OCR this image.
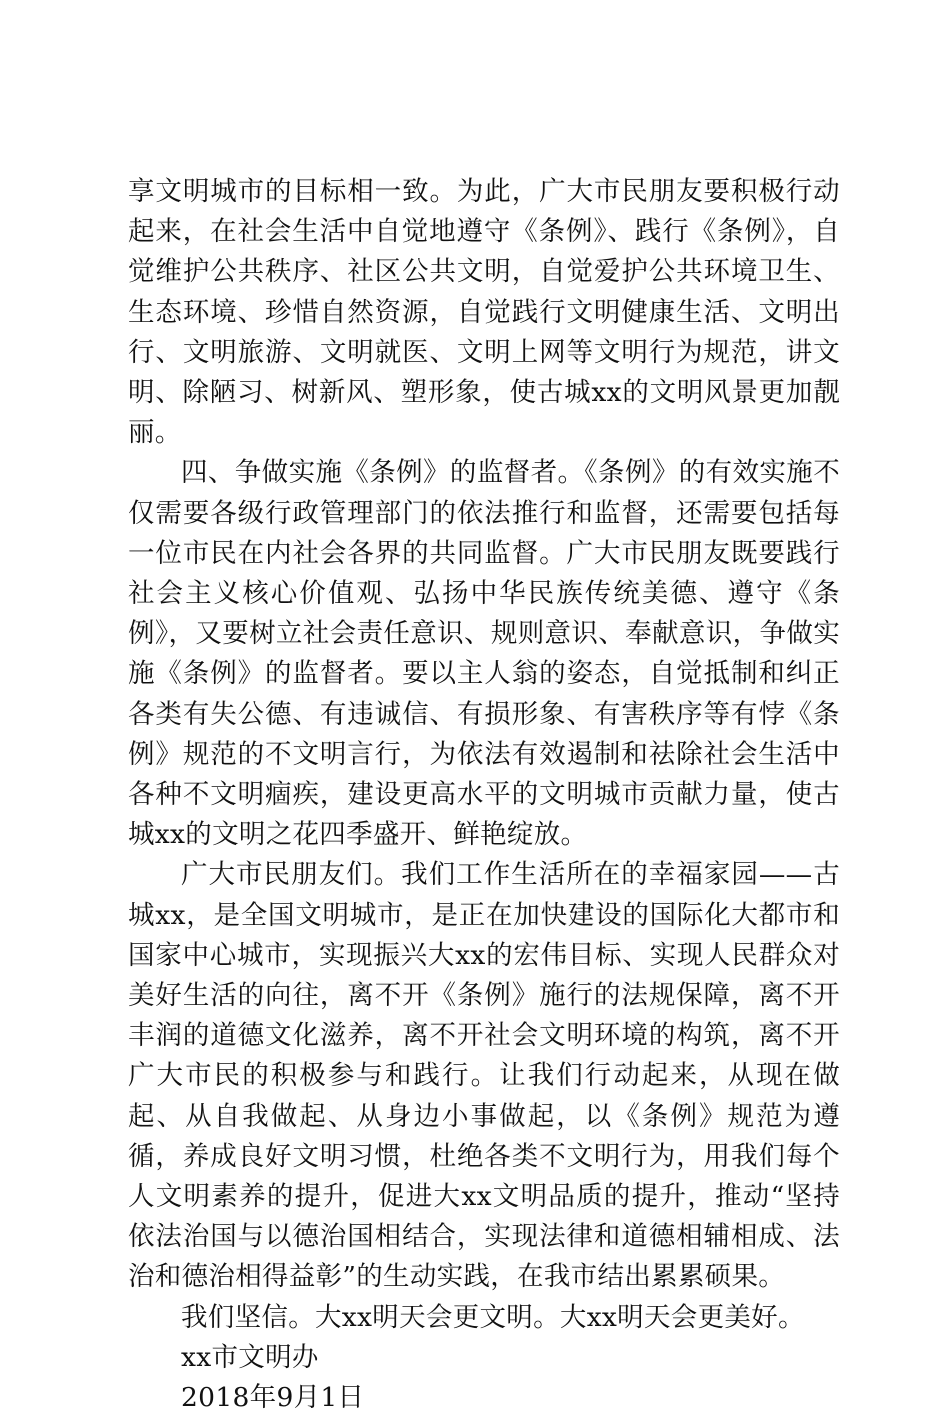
享文明城市的目标相一致。为此，广大市民朋友要积极行动起来，在社会生活中自觉地遵守《条例》、践行《条例》，自觉维护公共秩序、社区公共文明，自觉爱护公共环境卫生、生态环境、珍惜自然资源，自觉践行文明健康生活、文明出行、文明旅游、文明就医、文明上网等文明行为规范，讲文明、除陋习、树新风、塑形象，使古城xx的文明风景更加靓丽。

四、争做实施《条例》的监督者。《条例》的有效实施不仅需要各级行政管理部门的依法推行和监督，还需要包括每一位市民在内社会各界的共同监督。广大市民朋友既要践行社会主义核心价值观、弘扬中华民族传统美德、遵守《条例》，又要树立社会责任意识、规则意识、奉献意识，争做实施《条例》的监督者。要以主人翁的姿态，自觉抵制和纠正各类有失公德、有违诚信、有损形象、有害秩序等有悖《条例》规范的不文明言行，为依法有效遏制和祛除社会生活中各种不文明痼疾，建设更高水平的文明城市贡献力量，使古城xx的文明之花四季盛开、鲜艳绽放。

广大市民朋友们。我们工作生活所在的幸福家园——古城xx，是全国文明城市，是正在加快建设的国际化大都市和国家中心城市，实现振兴大xx的宏伟目标、实现人民群众对美好生活的向往，离不开《条例》施行的法规保障，离不开丰润的道德文化滋养，离不开社会文明环境的构筑，离不开广大市民的积极参与和践行。让我们行动起来，从现在做起、从自我做起、从身边小事做起，以《条例》规范为遵循，养成良好文明习惯，杜绝各类不文明行为，用我们每个人文明素养的提升，促进大xx文明品质的提升，推动“坚持依法治国与以德治国相结合，实现法律和道德相辅相成、法治和德治相得益彰”的生动实践，在我市结出累累硕果。

我们坚信。大xx明天会更文明。大xx明天会更美好。

xx市文明办

2018年9月1日
